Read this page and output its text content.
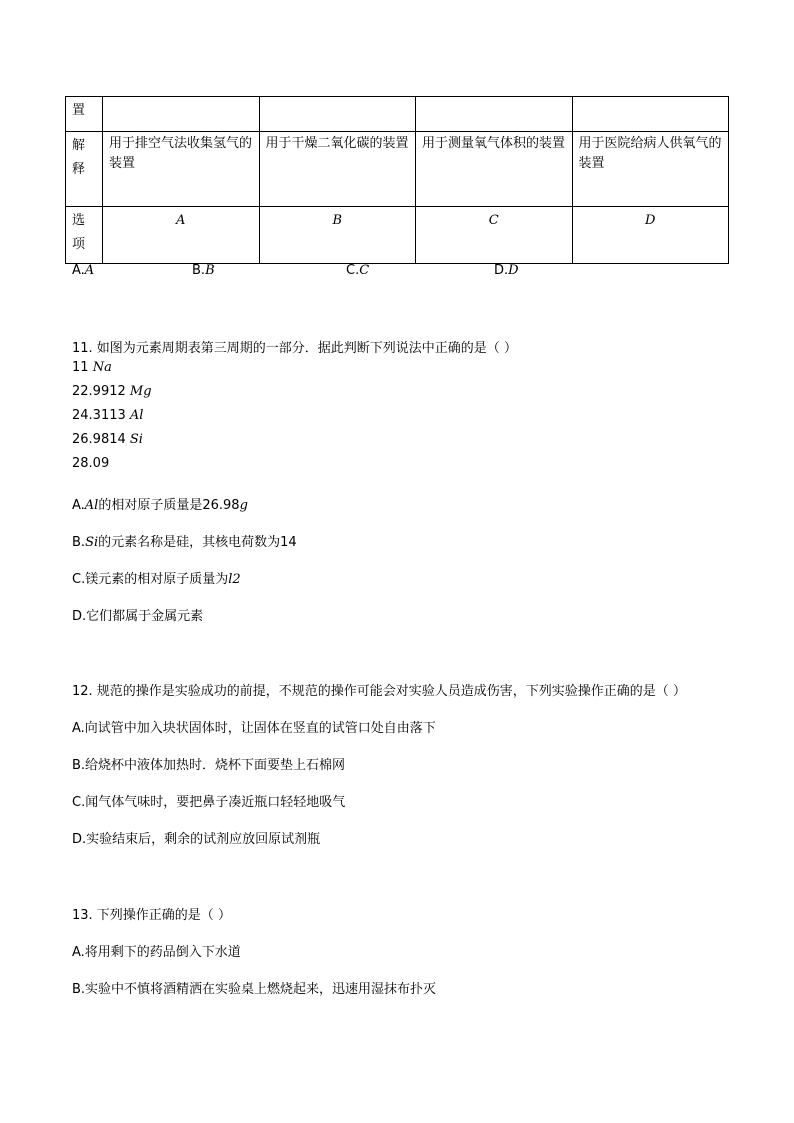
置				
解
释	用于排空气法收集氢气的装置	用于干燥二氧化碳的装置	用于测量氧气体积的装置	用于医院给病人供氧气的装置
选
项	A	B	C	D
A.A	B.B	C.C	D.D
11. 如图为元素周期表第三周期的一部分．据此判断下列说法中正确的是（ ）
11 Na
22.9912 Mg
24.3113 Al
26.9814 Si
28.09
A.Al的相对原子质量是26.98g
B.Si的元素名称是硅，其核电荷数为14
C.镁元素的相对原子质量为l2
D.它们都属于金属元素
12. 规范的操作是实验成功的前提，不规范的操作可能会对实验人员造成伤害，下列实验操作正确的是（ ）
A.向试管中加入块状固体时，让固体在竖直的试管口处自由落下
B.给烧杯中液体加热时．烧杯下面要垫上石棉网
C.闻气体气味时，要把鼻子凑近瓶口轻轻地吸气
D.实验结束后，剩余的试剂应放回原试剂瓶
13. 下列操作正确的是（ ）
A.将用剩下的药品倒入下水道
B.实验中不慎将酒精洒在实验桌上燃烧起来，迅速用湿抹布扑灭
